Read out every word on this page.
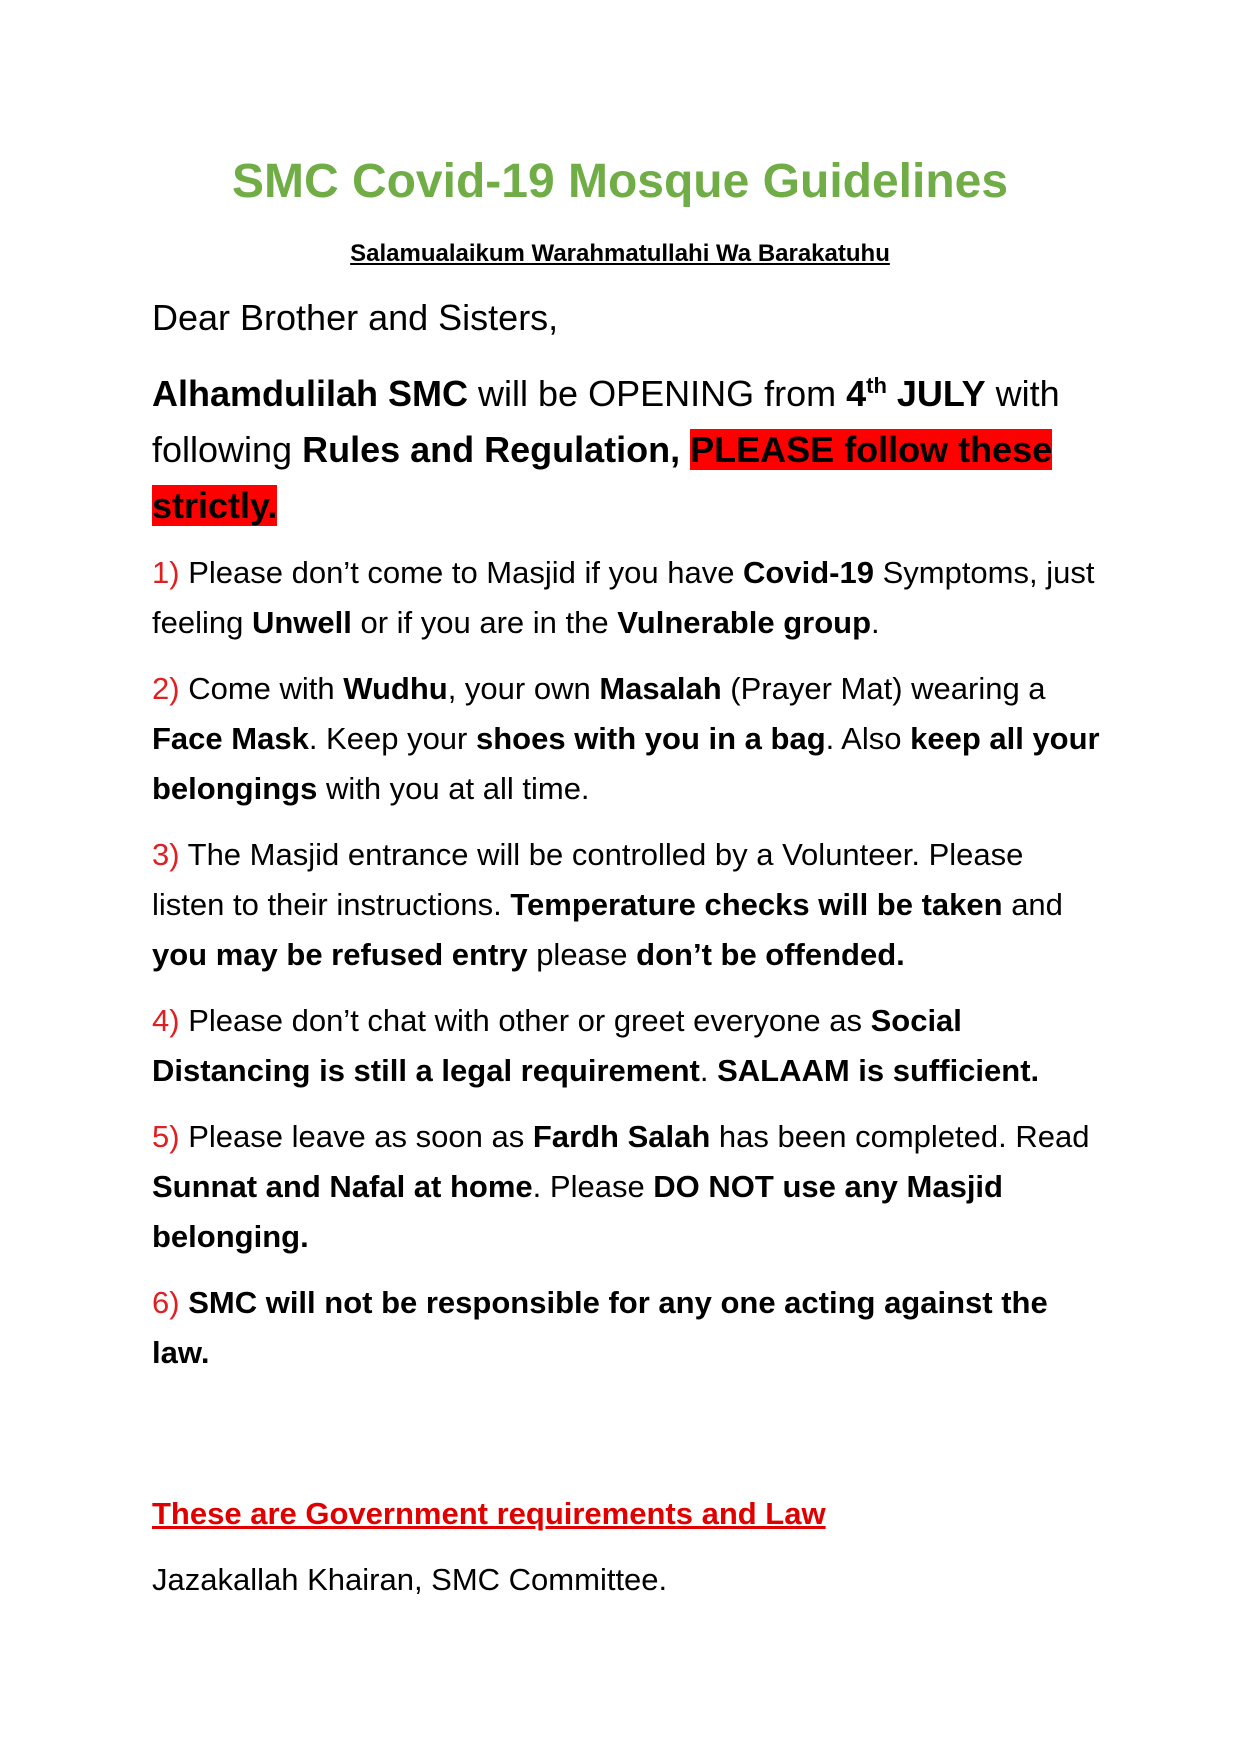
SMC Covid-19 Mosque Guidelines

Salamualaikum Warahmatullahi Wa Barakatuhu

Dear Brother and Sisters,

Alhamdulilah SMC will be OPENING from 4th JULY with following Rules and Regulation, PLEASE follow these strictly.

1) Please don’t come to Masjid if you have Covid-19 Symptoms, just feeling Unwell or if you are in the Vulnerable group.
2) Come with Wudhu, your own Masalah (Prayer Mat) wearing a Face Mask. Keep your shoes with you in a bag. Also keep all your belongings with you at all time.
3) The Masjid entrance will be controlled by a Volunteer. Please listen to their instructions. Temperature checks will be taken and you may be refused entry please don’t be offended.
4) Please don’t chat with other or greet everyone as Social Distancing is still a legal requirement. SALAAM is sufficient.
5) Please leave as soon as Fardh Salah has been completed. Read Sunnat and Nafal at home. Please DO NOT use any Masjid belonging.
6) SMC will not be responsible for any one acting against the law.

These are Government requirements and Law

Jazakallah Khairan, SMC Committee.
